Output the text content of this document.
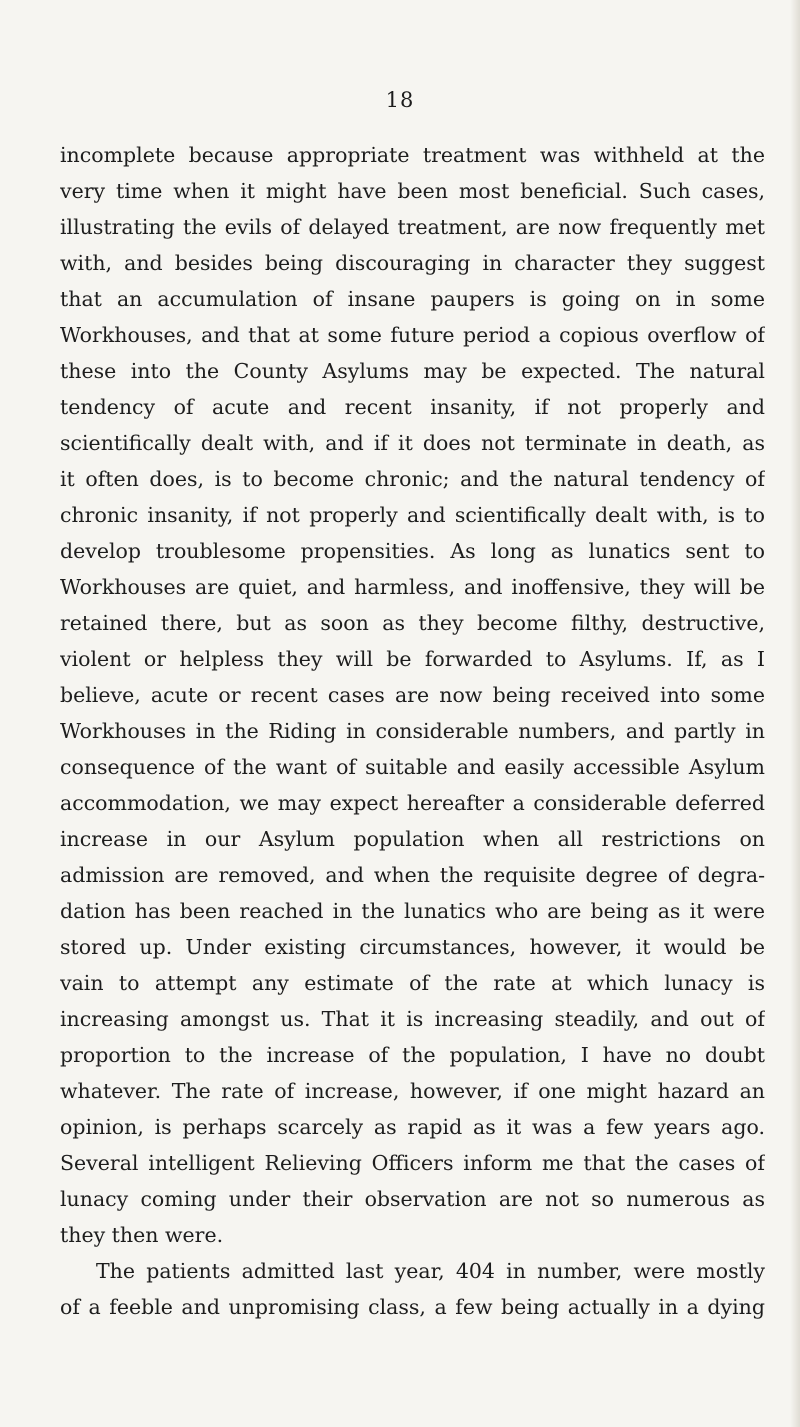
18
incomplete because appropriate treatment was withheld at the
very time when it might have been most beneficial. Such cases,
illustrating the evils of delayed treatment, are now frequently met
with, and besides being discouraging in character they suggest
that an accumulation of insane paupers is going on in some
Workhouses, and that at some future period a copious overflow of
these into the County Asylums may be expected. The natural
tendency of acute and recent insanity, if not properly and
scientifically dealt with, and if it does not terminate in death, as
it often does, is to become chronic; and the natural tendency of
chronic insanity, if not properly and scientifically dealt with, is to
develop troublesome propensities. As long as lunatics sent to
Workhouses are quiet, and harmless, and inoffensive, they will be
retained there, but as soon as they become filthy, destructive,
violent or helpless they will be forwarded to Asylums. If, as I
believe, acute or recent cases are now being received into some
Workhouses in the Riding in considerable numbers, and partly in
consequence of the want of suitable and easily accessible Asylum
accommodation, we may expect hereafter a considerable deferred
increase in our Asylum population when all restrictions on
admission are removed, and when the requisite degree of degra-
dation has been reached in the lunatics who are being as it were
stored up. Under existing circumstances, however, it would be
vain to attempt any estimate of the rate at which lunacy is
increasing amongst us. That it is increasing steadily, and out of
proportion to the increase of the population, I have no doubt
whatever. The rate of increase, however, if one might hazard an
opinion, is perhaps scarcely as rapid as it was a few years ago.
Several intelligent Relieving Officers inform me that the cases of
lunacy coming under their observation are not so numerous as
they then were.
The patients admitted last year, 404 in number, were mostly
of a feeble and unpromising class, a few being actually in a dying
